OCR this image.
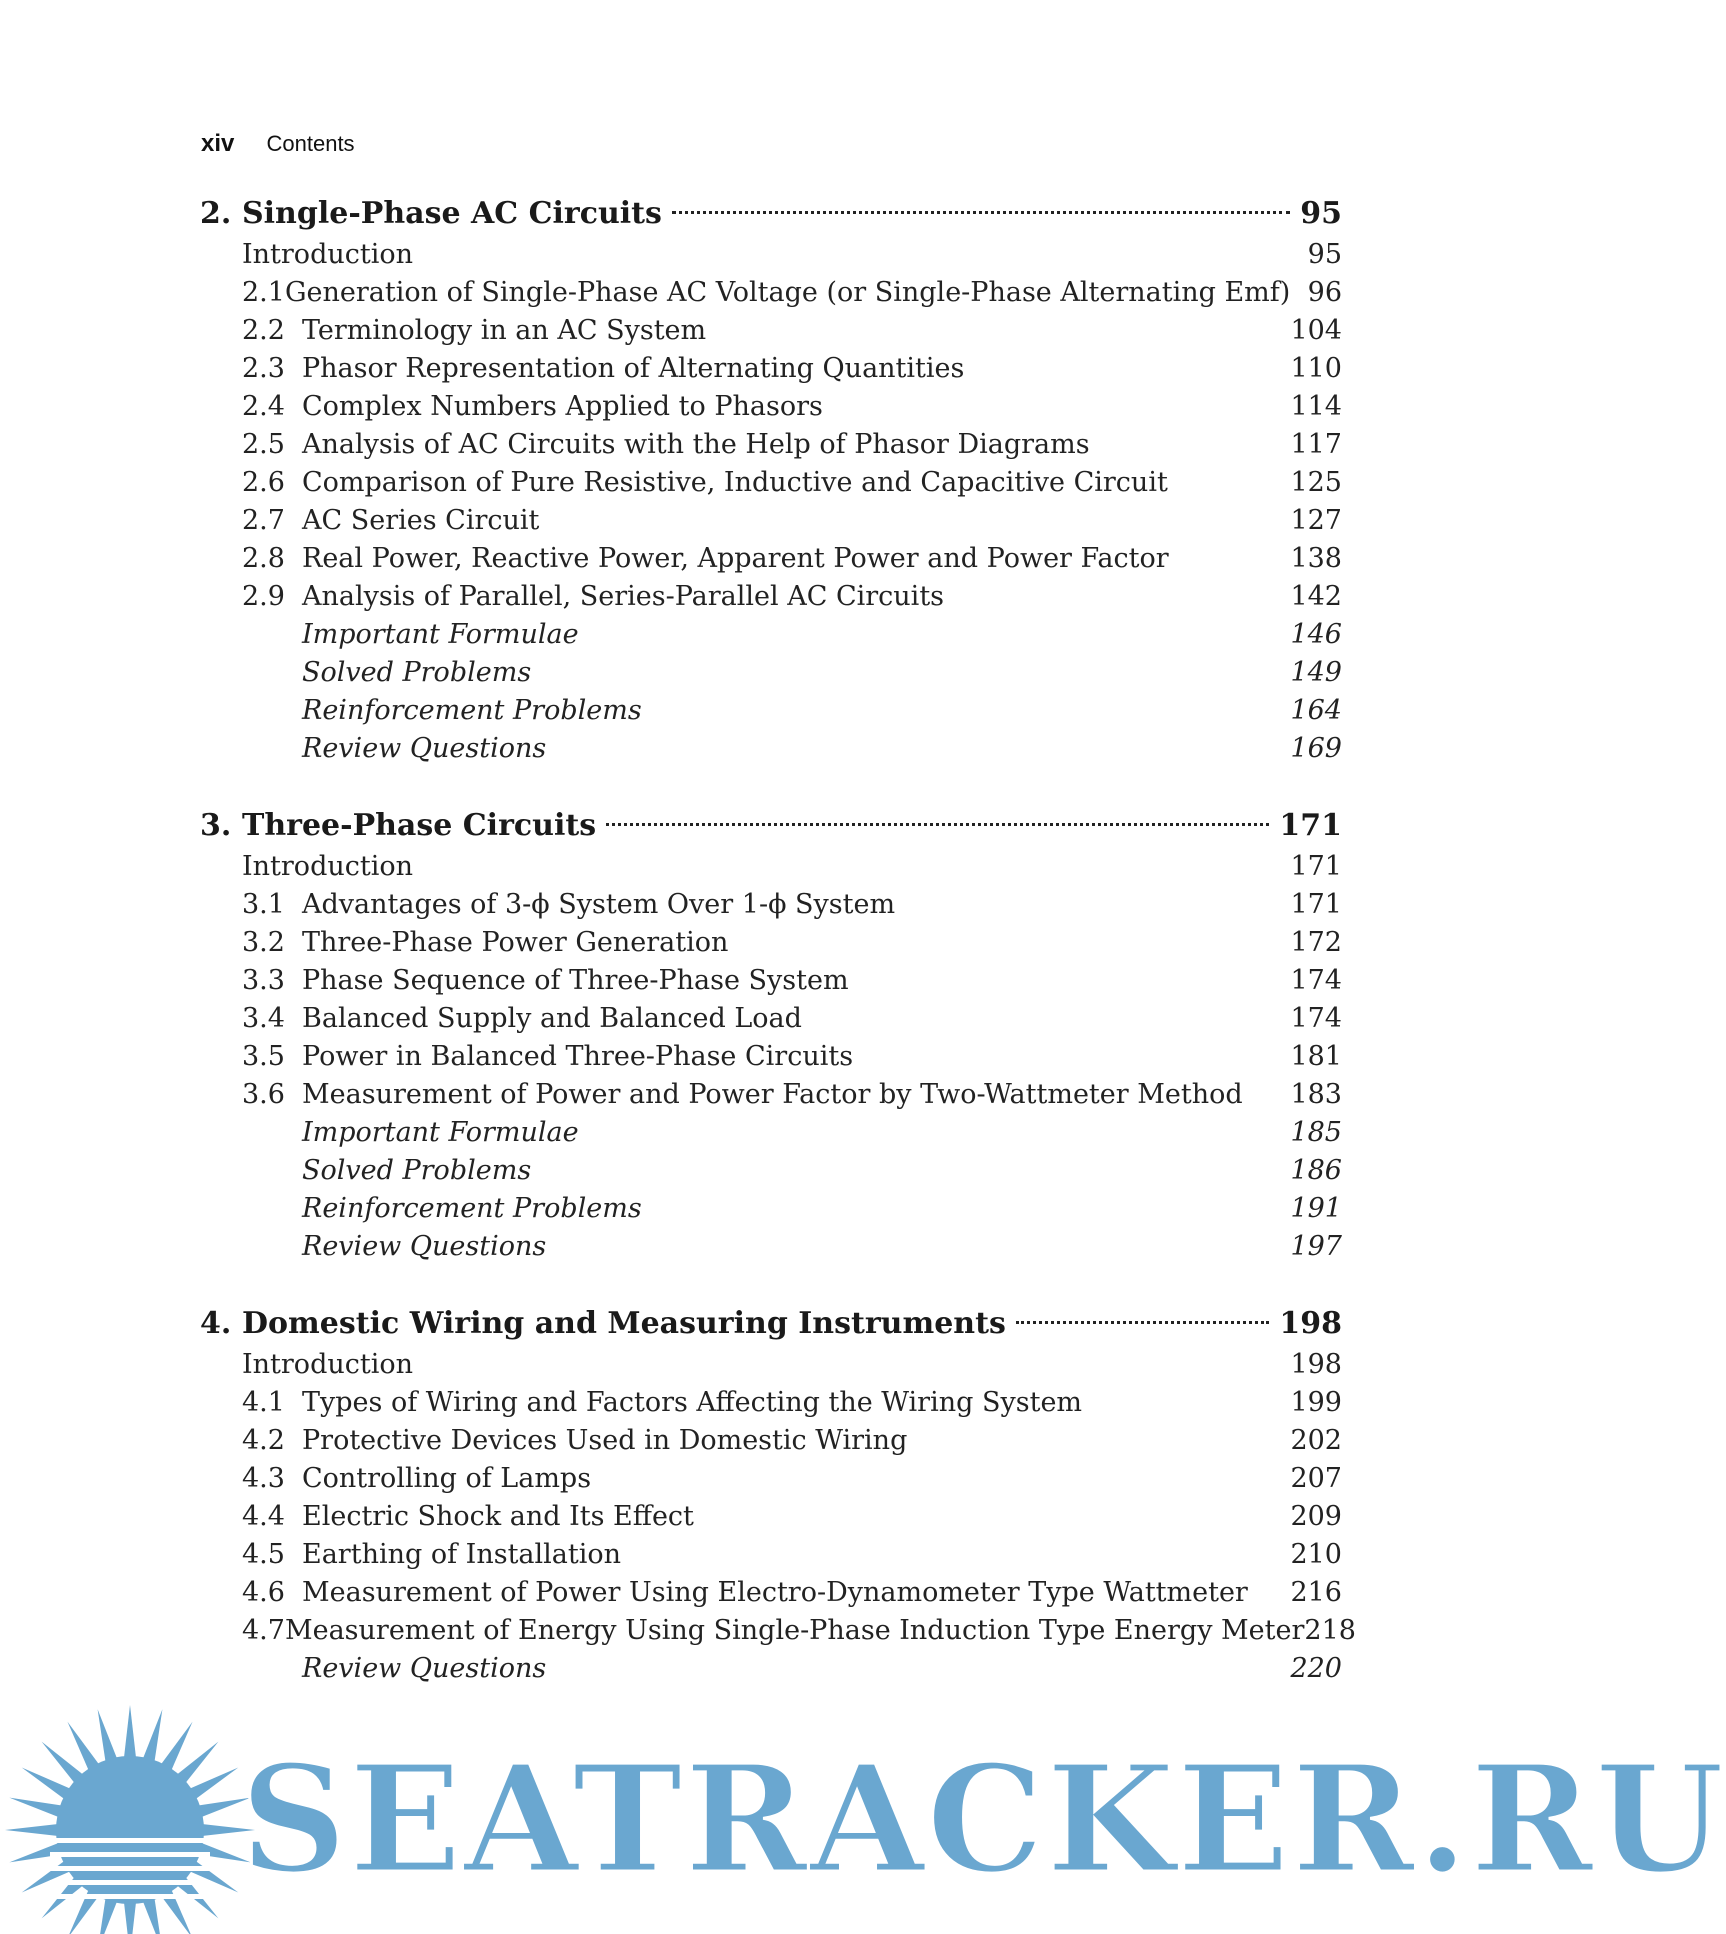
xiv Contents
2. Single-Phase AC Circuits	95
Introduction	95
2.1 Generation of Single-Phase AC Voltage (or Single-Phase Alternating Emf) 96
2.2 Terminology in an AC System	104
2.3 Phasor Representation of Alternating Quantities	110
2.4 Complex Numbers Applied to Phasors	114
2.5 Analysis of AC Circuits with the Help of Phasor Diagrams	117
2.6 Comparison of Pure Resistive, Inductive and Capacitive Circuit	125
2.7 AC Series Circuit	127
2.8 Real Power, Reactive Power, Apparent Power and Power Factor	138
2.9 Analysis of Parallel, Series-Parallel AC Circuits	142
Important Formulae	146
Solved Problems	149
Reinforcement Problems	164
Review Questions	169
3. Three-Phase Circuits	171
Introduction	171
3.1 Advantages of 3-ϕ System Over 1-ϕ System	171
3.2 Three-Phase Power Generation	172
3.3 Phase Sequence of Three-Phase System	174
3.4 Balanced Supply and Balanced Load	174
3.5 Power in Balanced Three-Phase Circuits	181
3.6 Measurement of Power and Power Factor by Two-Wattmeter Method	183
Important Formulae	185
Solved Problems	186
Reinforcement Problems	191
Review Questions	197
4. Domestic Wiring and Measuring Instruments	198
Introduction	198
4.1 Types of Wiring and Factors Affecting the Wiring System	199
4.2 Protective Devices Used in Domestic Wiring	202
4.3 Controlling of Lamps	207
4.4 Electric Shock and Its Effect	209
4.5 Earthing of Installation	210
4.6 Measurement of Power Using Electro-Dynamometer Type Wattmeter	216
4.7 Measurement of Energy Using Single-Phase Induction Type Energy Meter 218
Review Questions	220
SEATRACKER.RU
